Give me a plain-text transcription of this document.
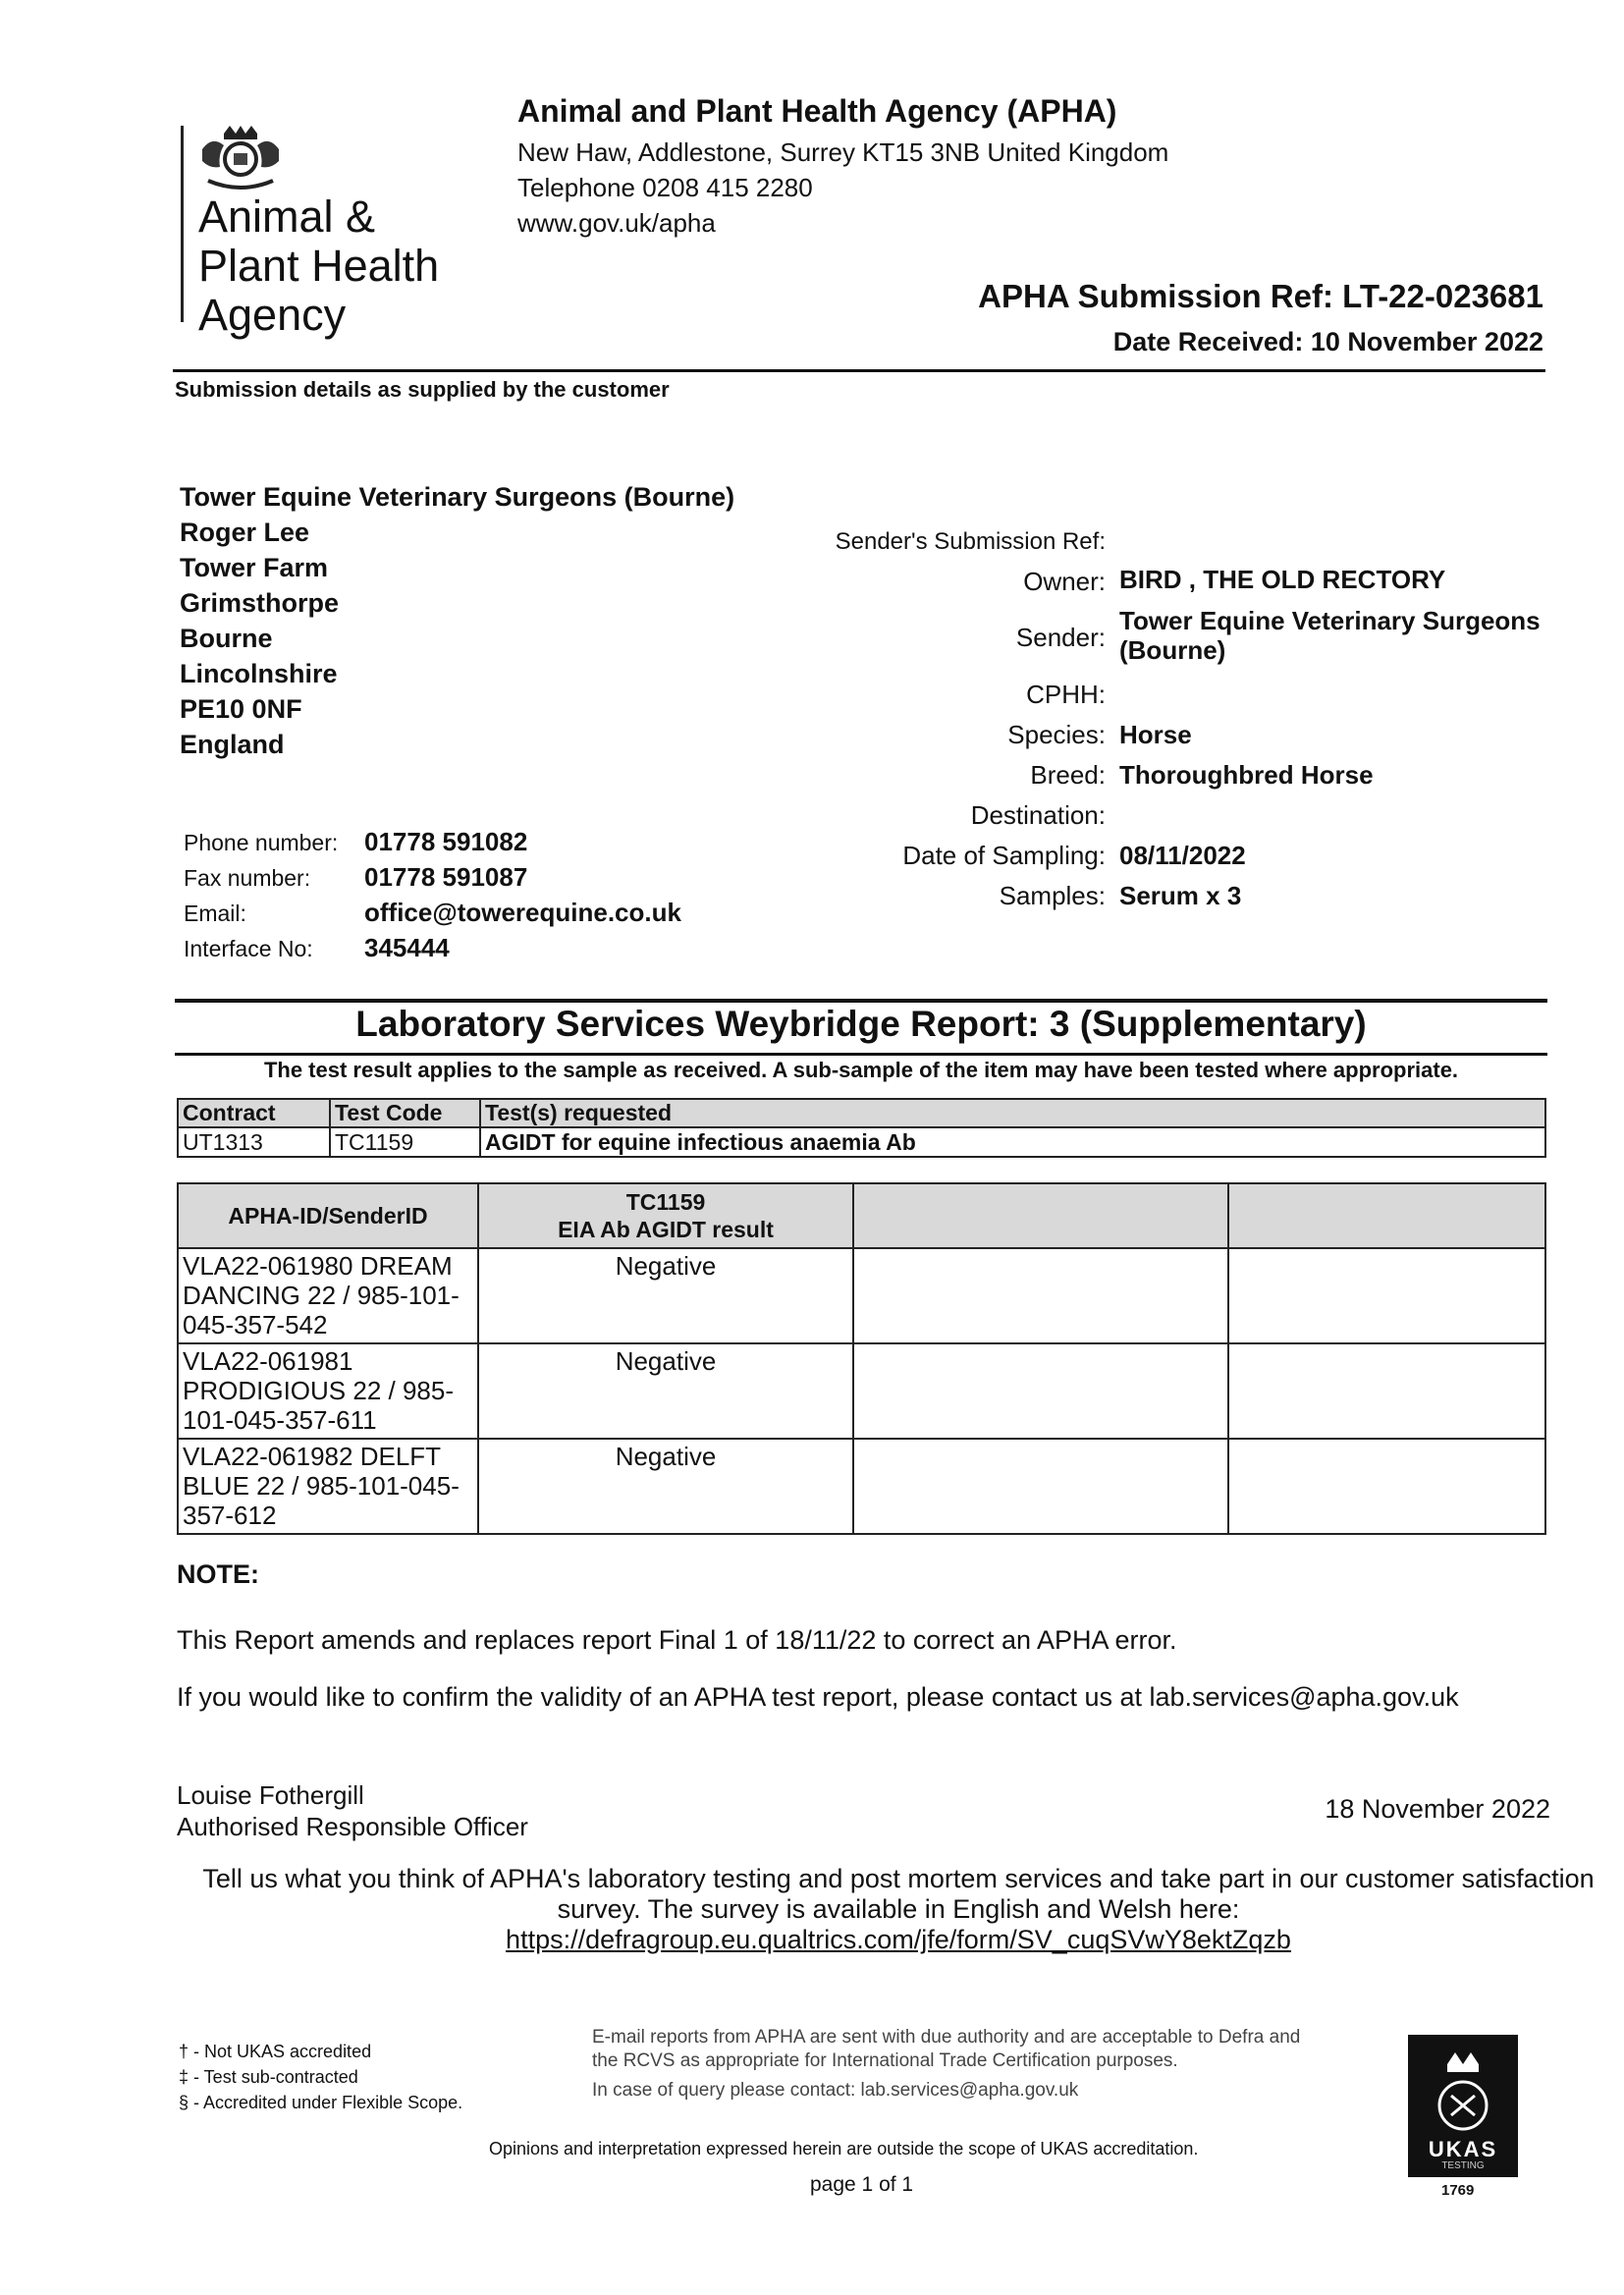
Animal &
Plant Health
Agency
Animal and Plant Health Agency (APHA)
New Haw, Addlestone, Surrey KT15 3NB United Kingdom
Telephone 0208 415 2280
www.gov.uk/apha
APHA Submission Ref: LT-22-023681
Date Received: 10 November 2022
Submission details as supplied by the customer
Tower Equine Veterinary Surgeons (Bourne)
Roger Lee
Tower Farm
Grimsthorpe
Bourne
Lincolnshire
PE10 0NF
England
Phone number: 01778 591082
Fax number: 01778 591087
Email:	office@towerequine.co.uk
Interface No: 345444
Sender's Submission Ref:
Owner: BIRD , THE OLD RECTORY
Sender:
Tower Equine Veterinary Surgeons (Bourne)
CPHH:
Species: Horse
Breed: Thoroughbred Horse
Destination:
Date of Sampling: 08/11/2022
Samples: Serum x 3
Laboratory Services Weybridge Report: 3 (Supplementary)
The test result applies to the sample as received. A sub-sample of the item may have been tested where appropriate.
Contract	Test Code	Test(s) requested
UT1313	TC1159	AGIDT for equine infectious anaemia Ab
APHA-ID/SenderID	TC1159
EIA Ab AGIDT result		
VLA22-061980 DREAM DANCING 22 / 985-101-045-357-542	Negative		
VLA22-061981 PRODIGIOUS 22 / 985-101-045-357-611	Negative		
VLA22-061982 DELFT BLUE 22 / 985-101-045-357-612	Negative		
NOTE:
This Report amends and replaces report Final 1 of 18/11/22 to correct an APHA error.
If you would like to confirm the validity of an APHA test report, please contact us at lab.services@apha.gov.uk
Louise Fothergill
Authorised Responsible Officer
18 November 2022
Tell us what you think of APHA's laboratory testing and post mortem services and take part in our customer satisfaction
survey. The survey is available in English and Welsh here:
https://defragroup.eu.qualtrics.com/jfe/form/SV_cuqSVwY8ektZqzb
† - Not UKAS accredited
‡ - Test sub-contracted
§ - Accredited under Flexible Scope.
E-mail reports from APHA are sent with due authority and are acceptable to Defra and the RCVS as appropriate for International Trade Certification purposes.
In case of query please contact: lab.services@apha.gov.uk
Opinions and interpretation expressed herein are outside the scope of UKAS accreditation.
page 1 of 1
UKAS
TESTING
1769
